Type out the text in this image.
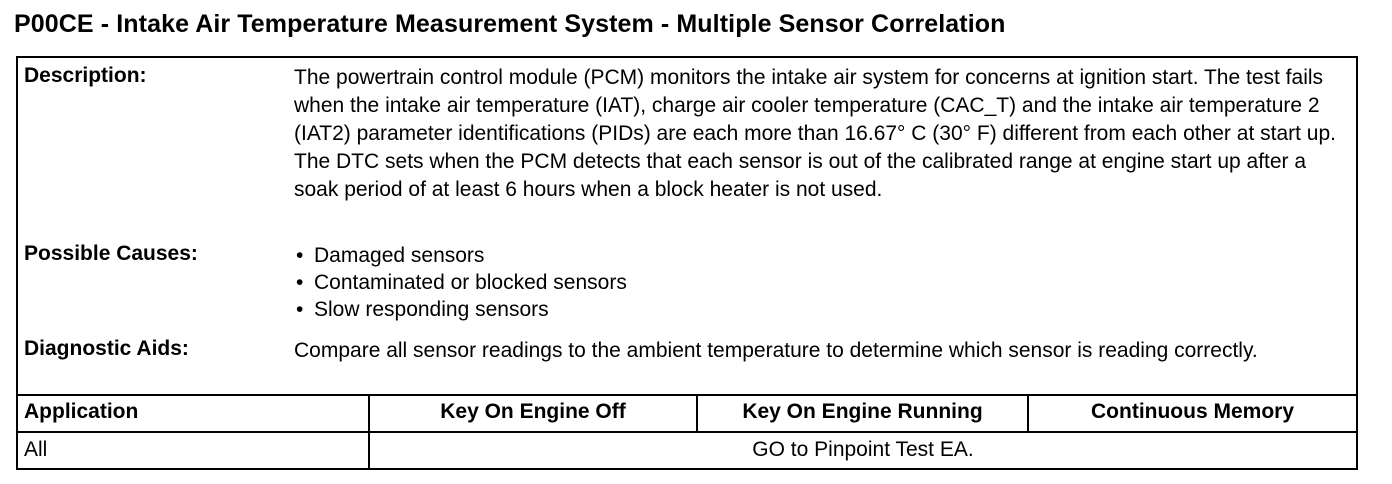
P00CE - Intake Air Temperature Measurement System - Multiple Sensor Correlation
Description:	The powertrain control module (PCM) monitors the intake air system for concerns at ignition start. The test fails when the intake air temperature (IAT), charge air cooler temperature (CAC_T) and the intake air temperature 2 (IAT2) parameter identifications (PIDs) are each more than 16.67° C (30° F) different from each other at start up. The DTC sets when the PCM detects that each sensor is out of the calibrated range at engine start up after a soak period of at least 6 hours when a block heater is not used.

Possible Causes:
•	Damaged sensors
• Contaminated or blocked sensors
• Slow responding sensors
Diagnostic Aids:	Compare all sensor readings to the ambient temperature to determine which sensor is reading correctly.

Application	Key On Engine Off	Key On Engine Running	Continuous Memory
All	GO to Pinpoint Test EA.
